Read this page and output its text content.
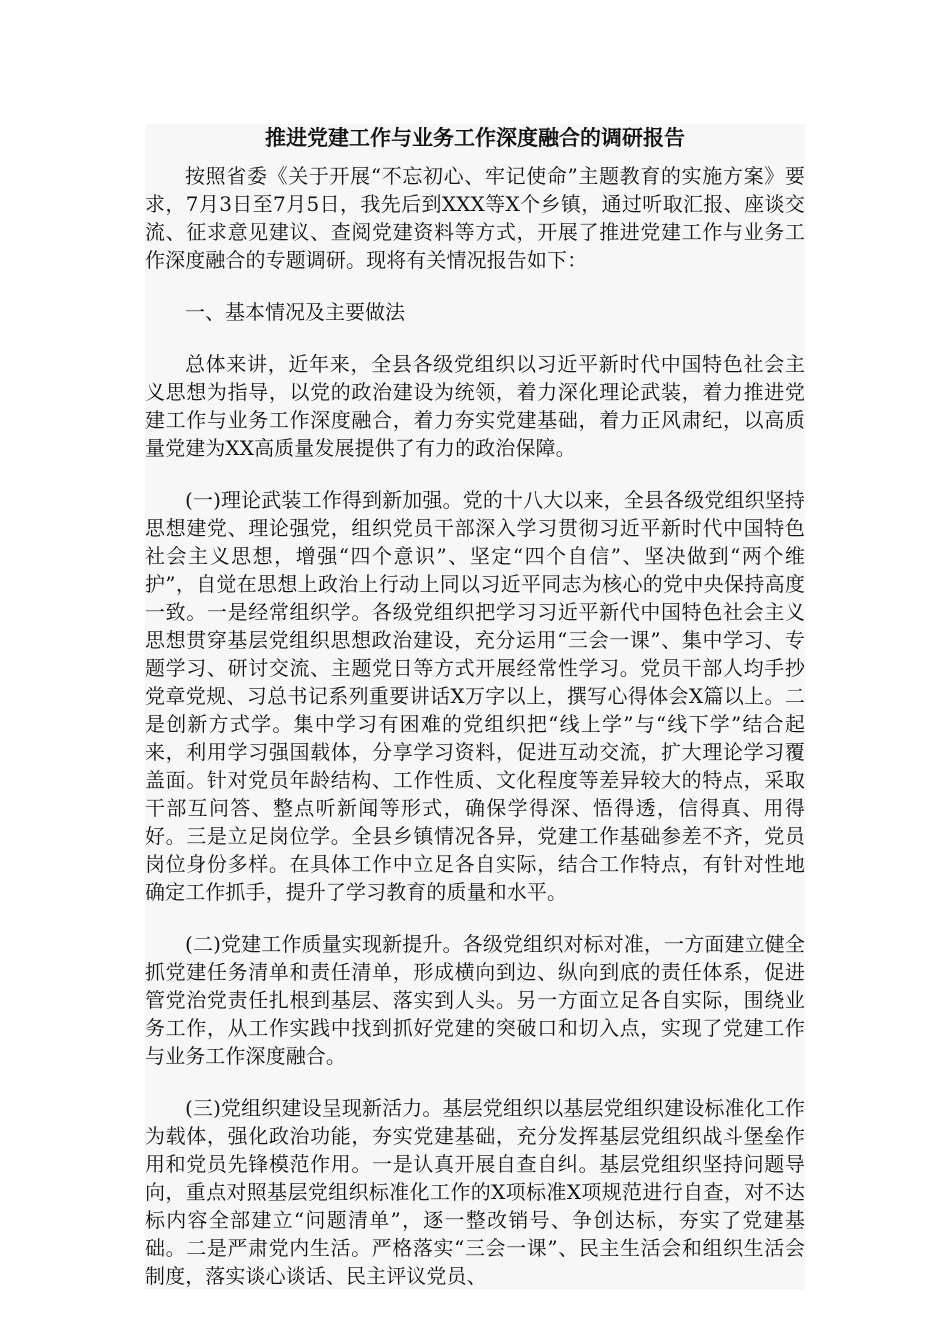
推进党建工作与业务工作深度融合的调研报告

按照省委《关于开展“不忘初心、牢记使命”主题教育的实施方案》要求，7月3日至7月5日，我先后到XXX等X个乡镇，通过听取汇报、座谈交流、征求意见建议、查阅党建资料等方式，开展了推进党建工作与业务工作深度融合的专题调研。现将有关情况报告如下：

一、基本情况及主要做法

总体来讲，近年来，全县各级党组织以习近平新时代中国特色社会主义思想为指导，以党的政治建设为统领，着力深化理论武装，着力推进党建工作与业务工作深度融合，着力夯实党建基础，着力正风肃纪，以高质量党建为XX高质量发展提供了有力的政治保障。

(一)理论武装工作得到新加强。党的十八大以来，全县各级党组织坚持思想建党、理论强党，组织党员干部深入学习贯彻习近平新时代中国特色社会主义思想，增强“四个意识”、坚定“四个自信”、坚决做到“两个维护”，自觉在思想上政治上行动上同以习近平同志为核心的党中央保持高度一致。一是经常组织学。各级党组织把学习习近平新代中国特色社会主义思想贯穿基层党组织思想政治建设，充分运用“三会一课”、集中学习、专题学习、研讨交流、主题党日等方式开展经常性学习。党员干部人均手抄党章党规、习总书记系列重要讲话X万字以上，撰写心得体会X篇以上。二是创新方式学。集中学习有困难的党组织把“线上学”与“线下学”结合起来，利用学习强国载体，分享学习资料，促进互动交流，扩大理论学习覆盖面。针对党员年龄结构、工作性质、文化程度等差异较大的特点，采取干部互问答、整点听新闻等形式，确保学得深、悟得透，信得真、用得好。三是立足岗位学。全县乡镇情况各异，党建工作基础参差不齐，党员岗位身份多样。在具体工作中立足各自实际，结合工作特点，有针对性地确定工作抓手，提升了学习教育的质量和水平。

(二)党建工作质量实现新提升。各级党组织对标对准，一方面建立健全抓党建任务清单和责任清单，形成横向到边、纵向到底的责任体系，促进管党治党责任扎根到基层、落实到人头。另一方面立足各自实际，围绕业务工作，从工作实践中找到抓好党建的突破口和切入点，实现了党建工作与业务工作深度融合。

(三)党组织建设呈现新活力。基层党组织以基层党组织建设标准化工作为载体，强化政治功能，夯实党建基础，充分发挥基层党组织战斗堡垒作用和党员先锋模范作用。一是认真开展自查自纠。基层党组织坚持问题导向，重点对照基层党组织标准化工作的X项标准X项规范进行自查，对不达标内容全部建立“问题清单”，逐一整改销号、争创达标，夯实了党建基础。二是严肃党内生活。严格落实“三会一课”、民主生活会和组织生活会制度，落实谈心谈话、民主评议党员、
